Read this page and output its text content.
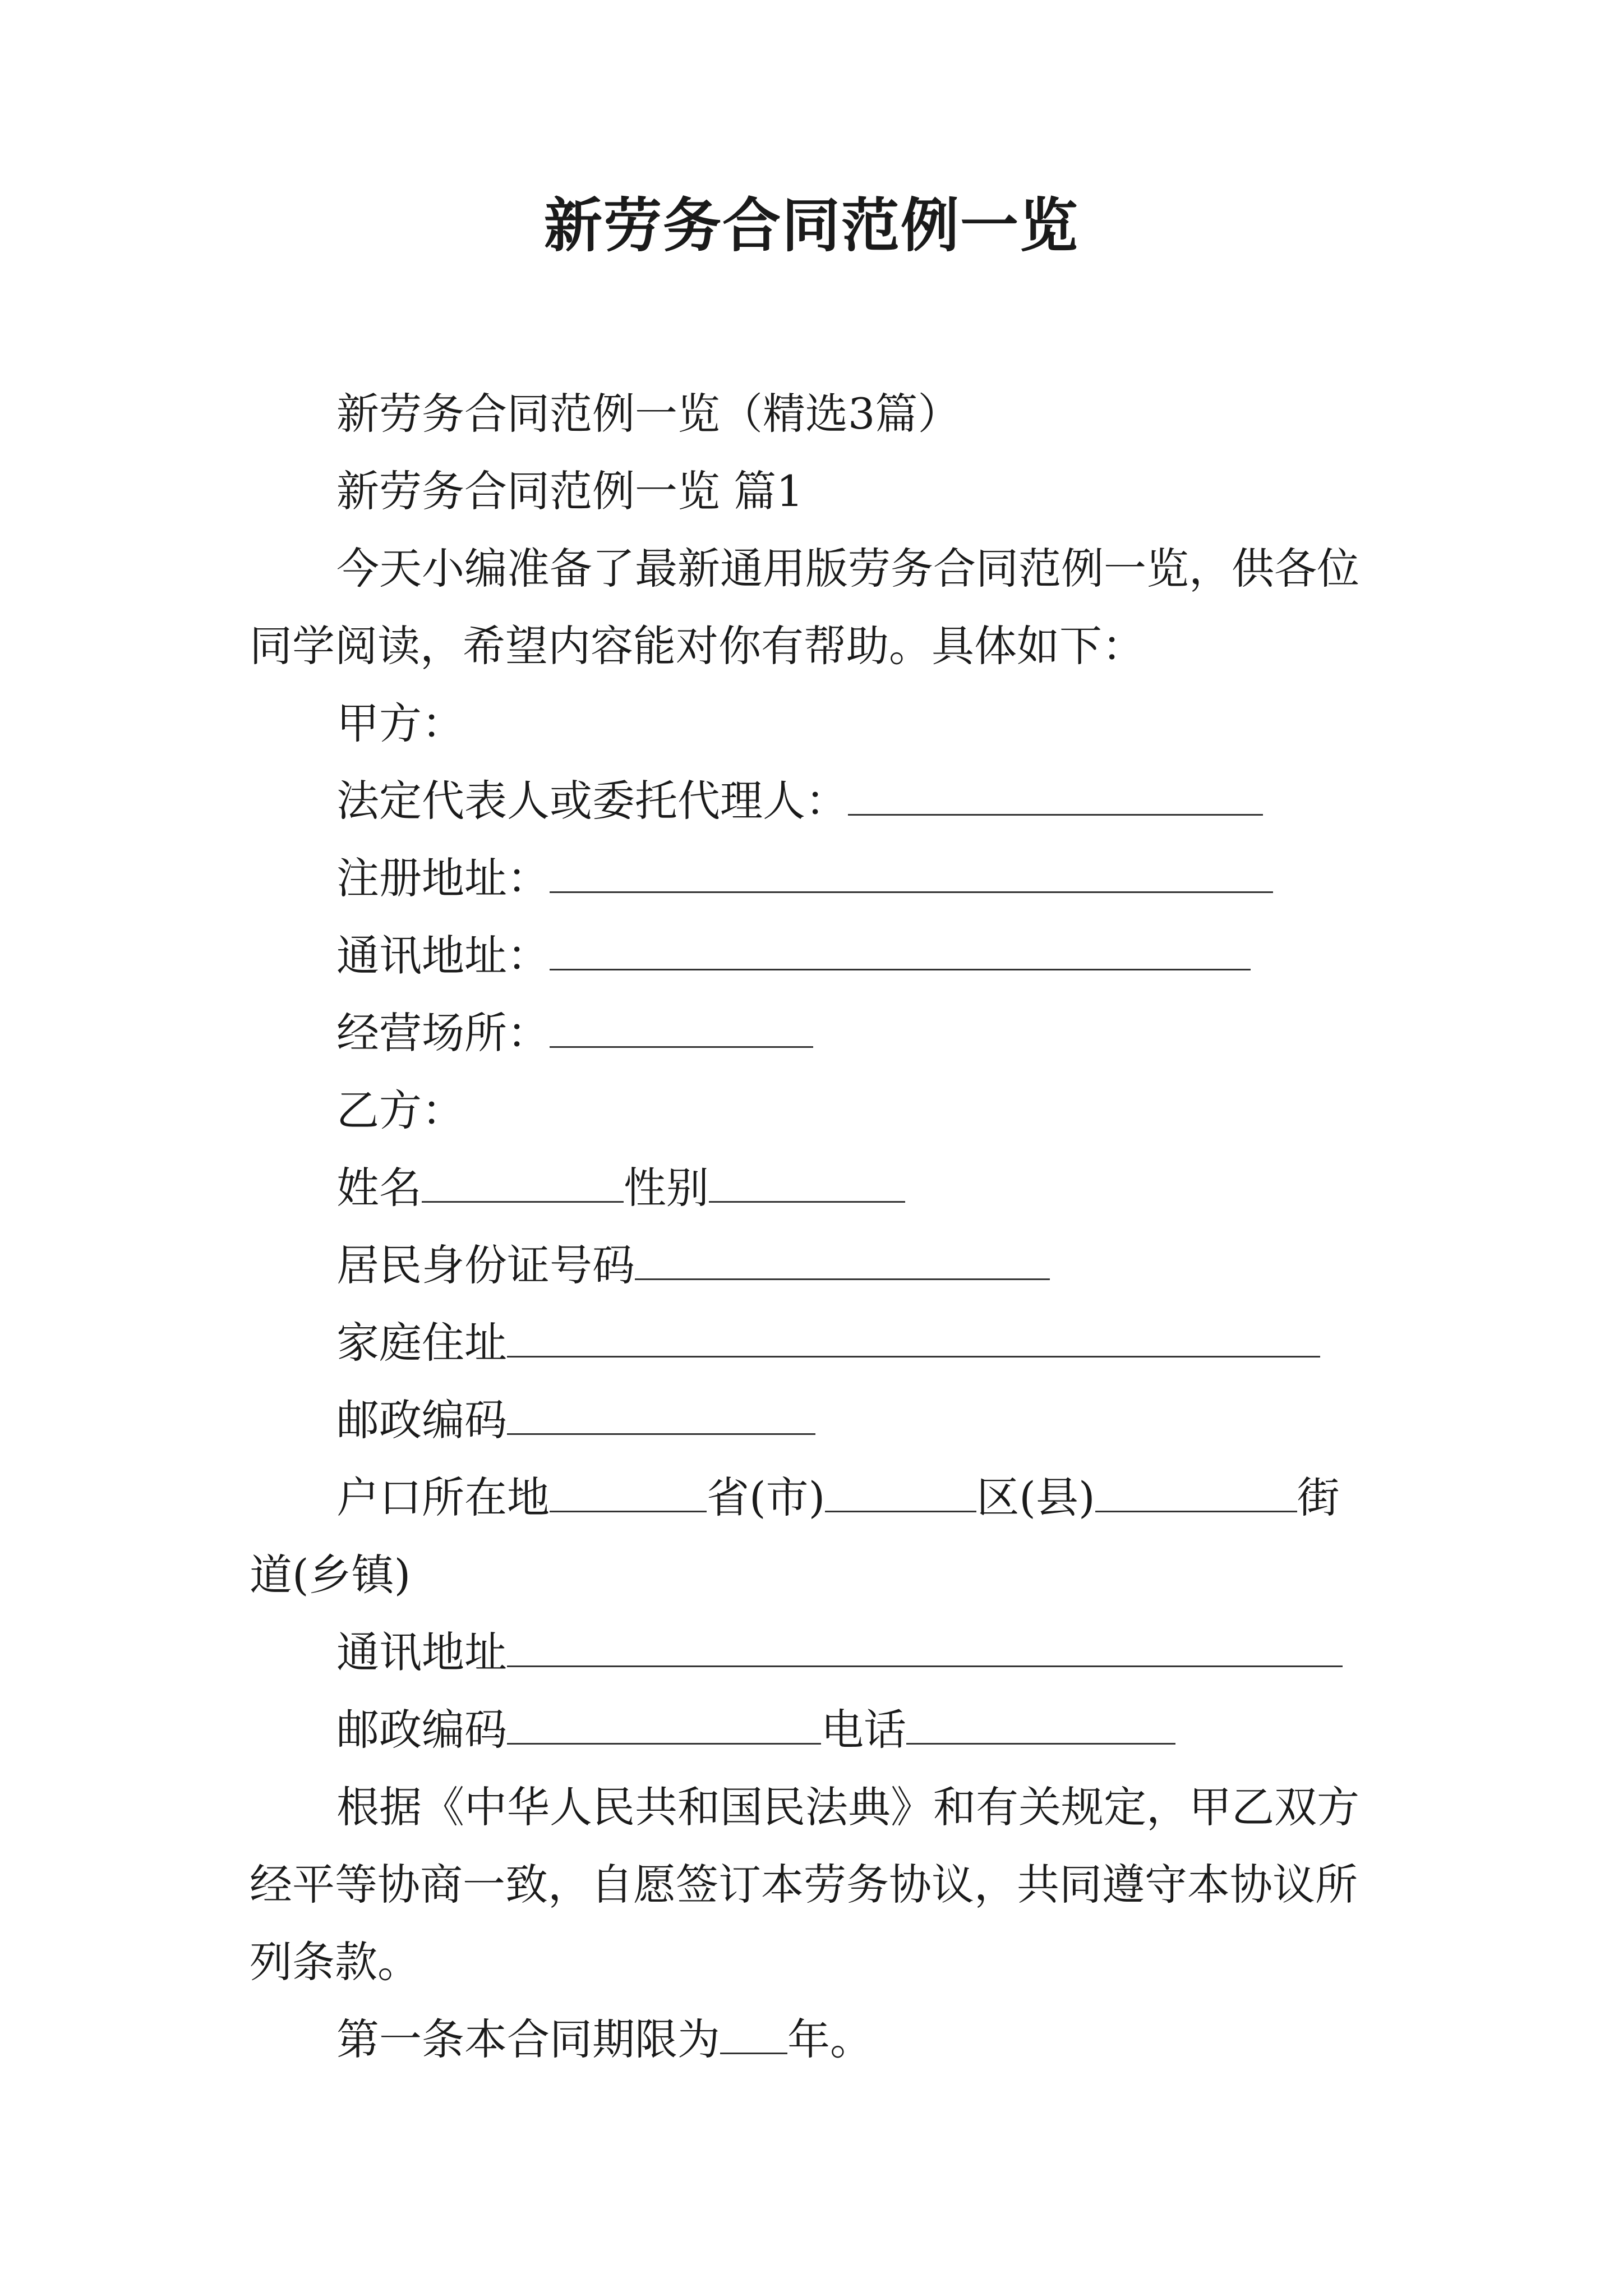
新劳务合同范例一览

新劳务合同范例一览（精选3篇）

新劳务合同范例一览 篇1

今天小编准备了最新通用版劳务合同范例一览，供各位

同学阅读，希望内容能对你有帮助。具体如下：

甲方：

法定代表人或委托代理人：

注册地址：

通讯地址：

经营场所：

乙方：

姓名	性别

居民身份证号码

家庭住址

邮政编码

户口所在地	省(市)	区(县)	街

道(乡镇)

通讯地址

邮政编码	电话

根据《中华人民共和国民法典》和有关规定，甲乙双方

经平等协商一致，自愿签订本劳务协议，共同遵守本协议所

列条款。

第一条本合同期限为 年。
